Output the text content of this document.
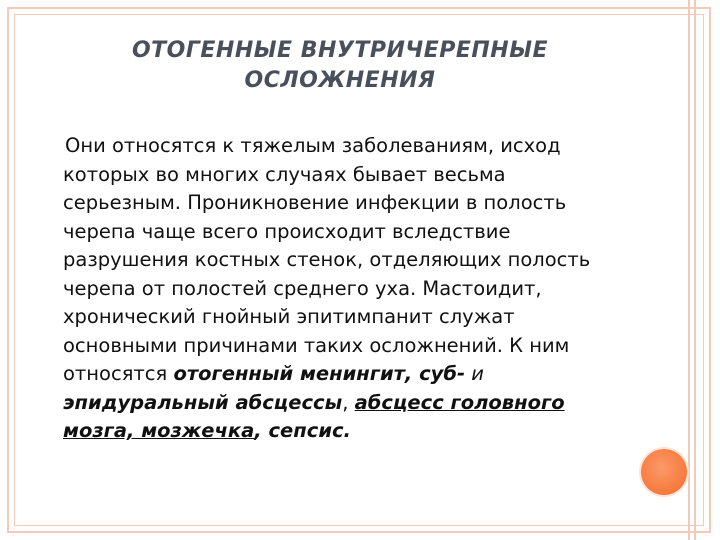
ОТОГЕННЫЕ ВНУТРИЧЕРЕПНЫЕ
ОСЛОЖНЕНИЯ
Они относятся к тяжелым заболеваниям, исход которых во многих случаях бывает весьма серьезным. Проникновение инфекции в полость черепа чаще всего происходит вследствие разрушения костных стенок, отделяющих полость черепа от полостей среднего уха. Мастоидит, хронический гнойный эпитимпанит служат основными причинами таких осложнений. К ним относятся отогенный менингит, суб- и эпидуральный абсцессы, абсцесс головного мозга, мозжечка, сепсис.
